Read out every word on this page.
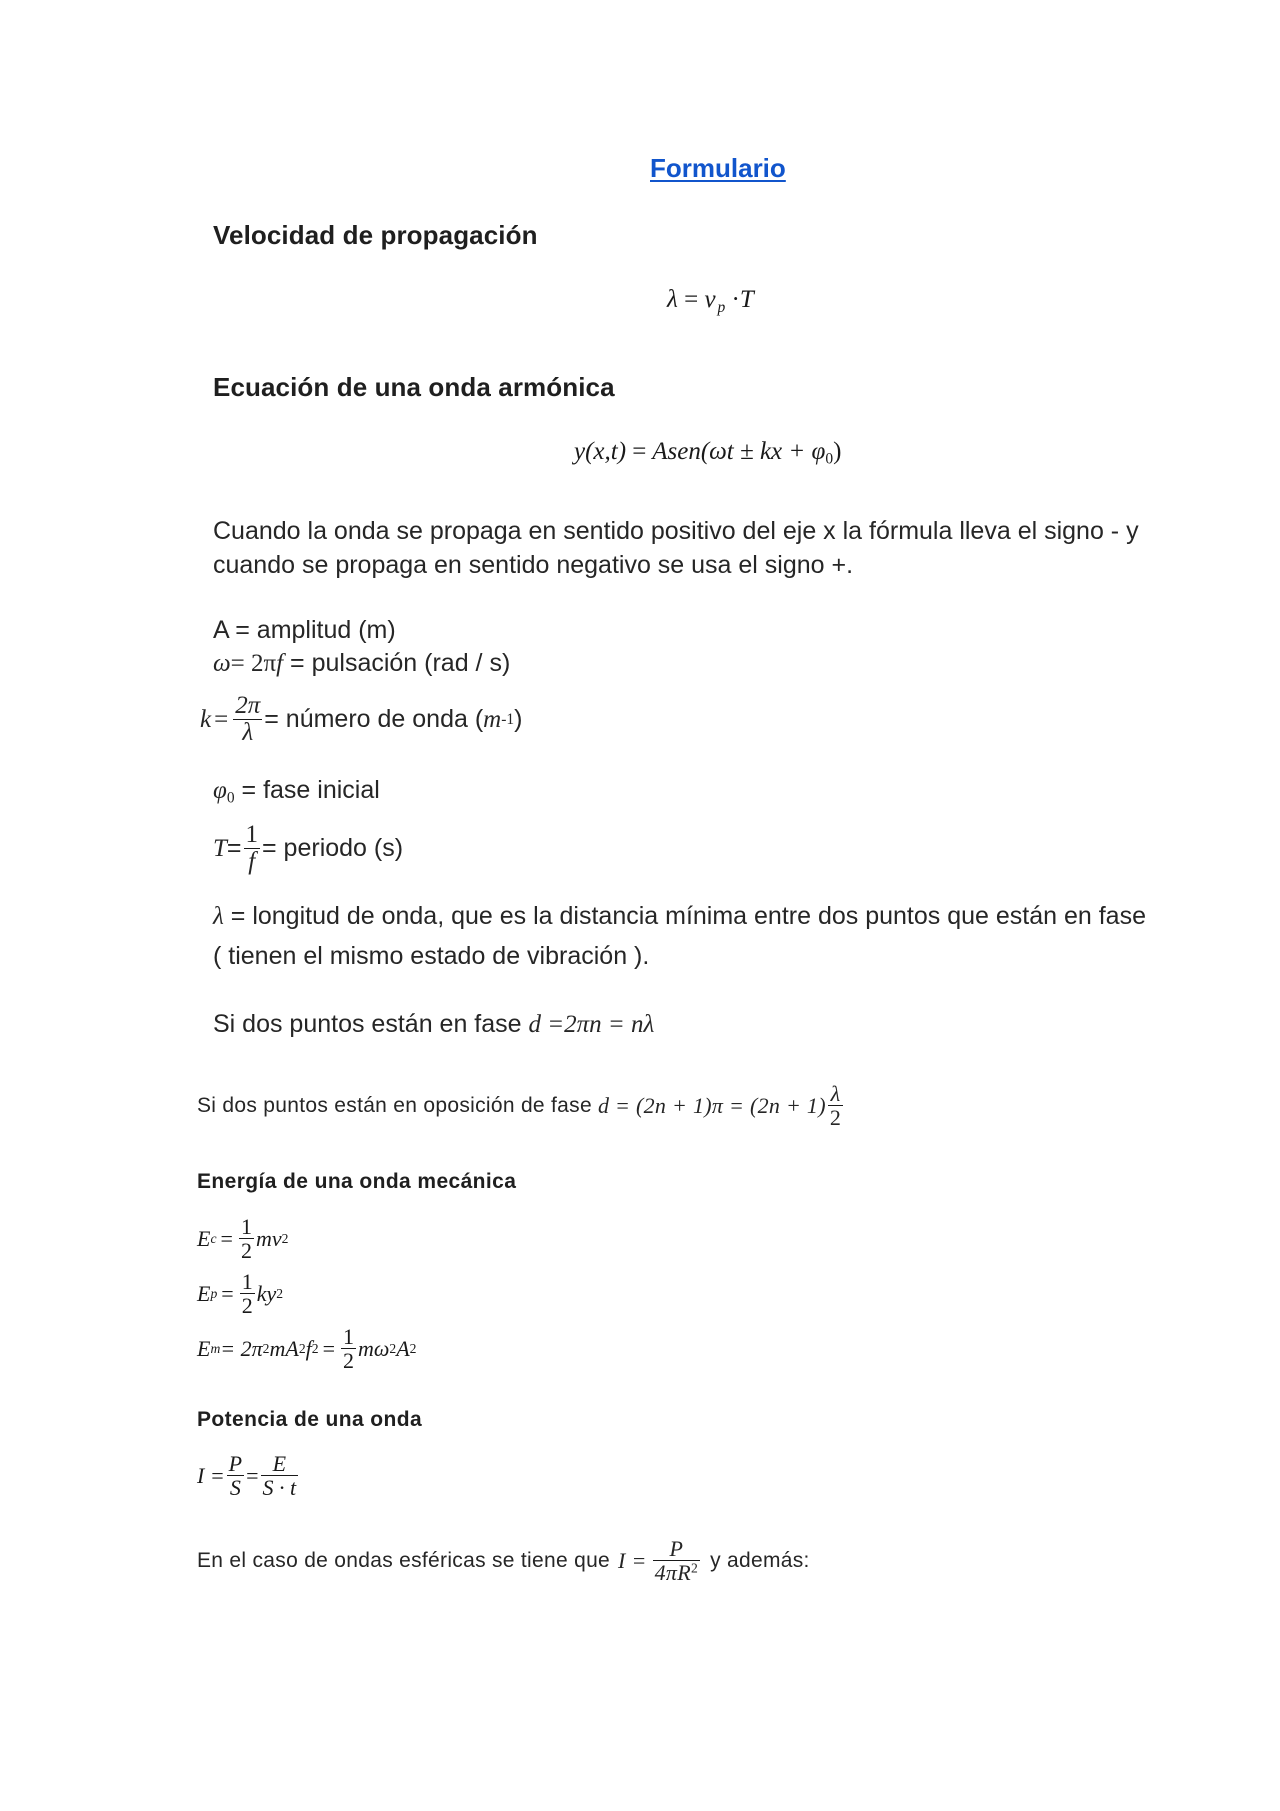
Formulario
Velocidad de propagación
λ = v $_p$ ·T
Ecuación de una onda armónica
y(x,t) = Asen(ωt ± kx + $\varphi_0$)
Cuando la onda se propaga en sentido positivo del eje x la fórmula lleva el signo - y
cuando se propaga en sentido negativo se usa el signo +.
A = amplitud (m)
ω= 2πf = pulsación (rad / s)
$k = \frac{2\pi}{\lambda}$ = número de onda ( m -1 )
$\varphi_0$ = fase inicial
$T = \frac{1}{f}$ = periodo (s)
λ = longitud de onda, que es la distancia mínima entre dos puntos que están en fase
( tienen el mismo estado de vibración ).
Si dos puntos están en fase d =2πn = nλ
Si dos puntos están en oposición de fase $d = (2n + 1)\pi = (2n + 1) \frac{\lambda}{2}$
Energía de una onda mecánica
E $c = \frac{1}{2}$ mv 2
E $p = \frac{1}{2}$ ky 2
E m = 2π 2 mA 2 f $2 = \frac{1}{2}$ mω 2 A 2
Potencia de una onda
$I = \frac{P}{S} = \frac{E}{S \cdot t}$
En el caso de ondas esféricas se tiene que $I = \frac{P}{4\pi R^2}$ y además:
